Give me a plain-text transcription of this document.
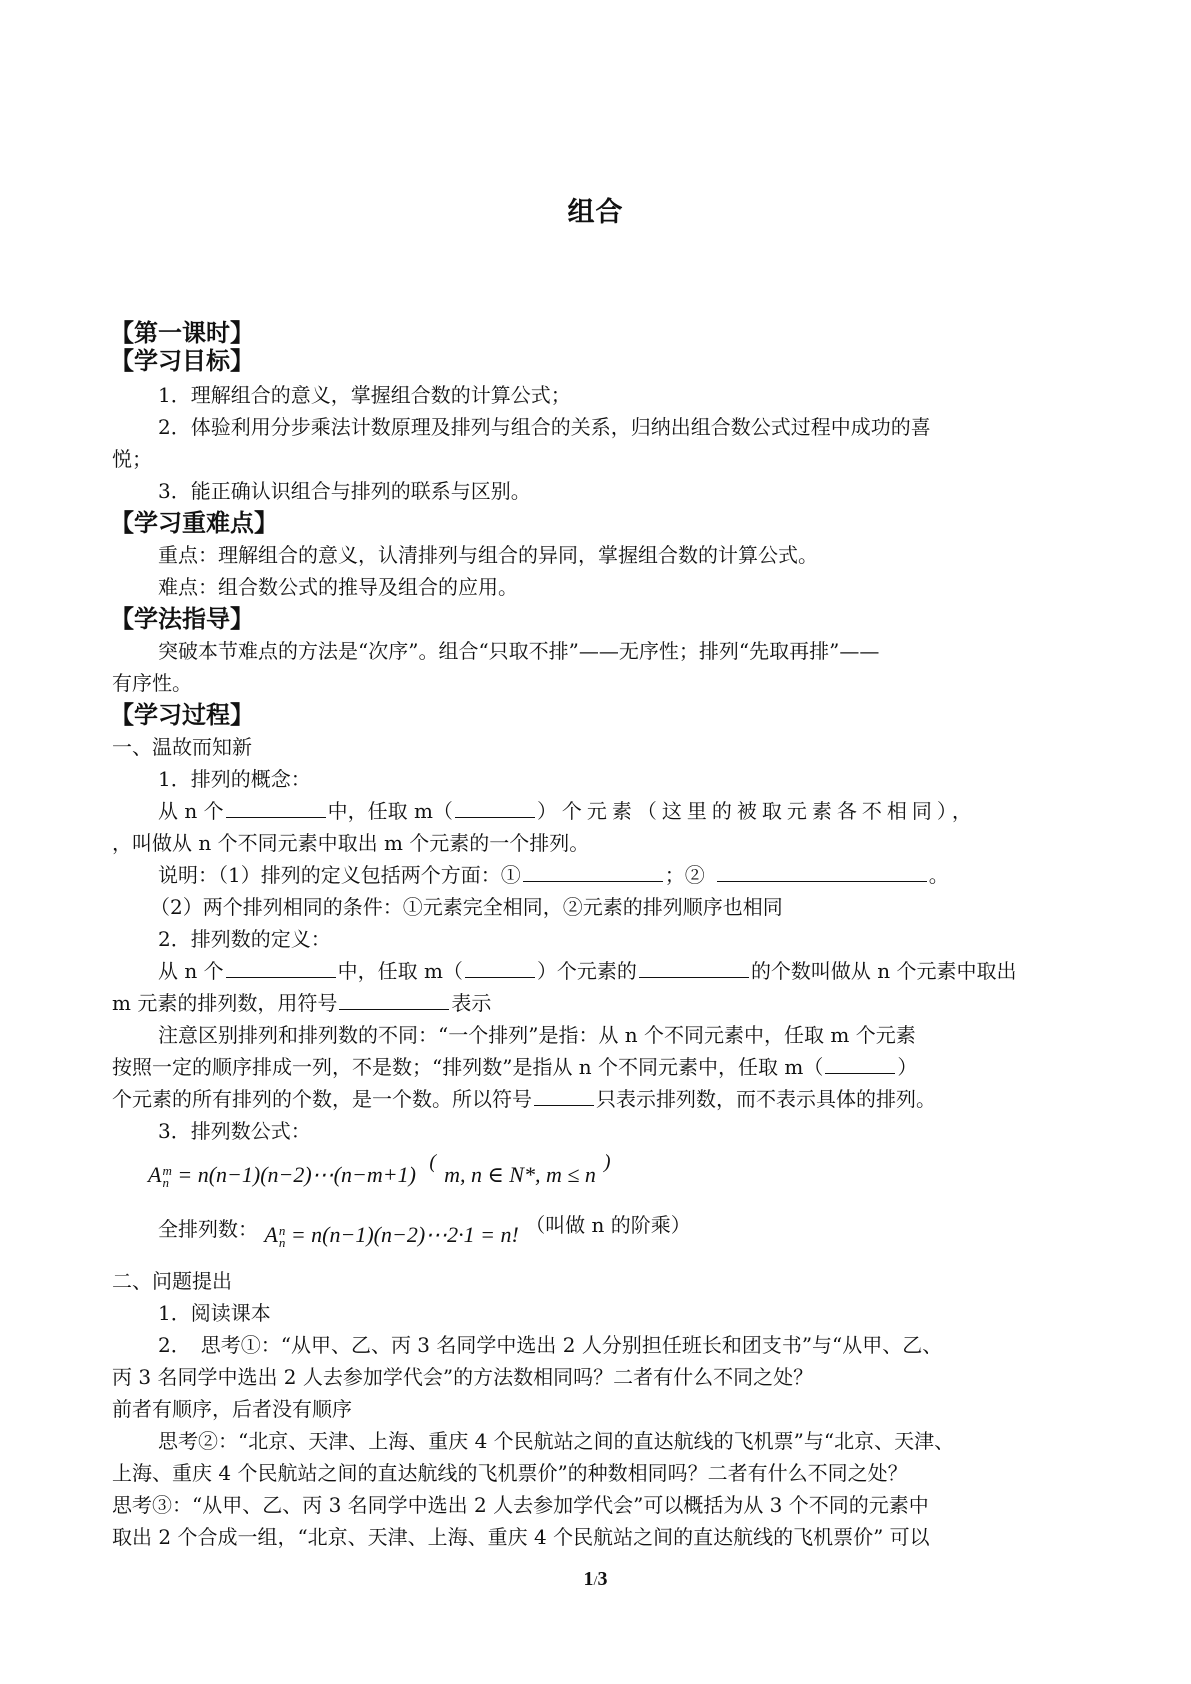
组合
【第一课时】
【学习目标】
1．理解组合的意义，掌握组合数的计算公式；
2．体验利用分步乘法计数原理及排列与组合的关系，归纳出组合数公式过程中成功的喜
悦；
3．能正确认识组合与排列的联系与区别。
【学习重难点】
重点：理解组合的意义，认清排列与组合的异同，掌握组合数的计算公式。
难点：组合数公式的推导及组合的应用。
【学法指导】
突破本节难点的方法是“次序”。组合“只取不排”——无序性；排列“先取再排”——
有序性。
【学习过程】
一、温故而知新
1．排列的概念：
从 n 个	中，任取 m（	）个元素（这里的被取元素各不相同），
，叫做从 n 个不同元素中取出 m 个元素的一个排列。
说明：（1）排列的定义包括两个方面：①	；②	。
（2）两个排列相同的条件：①元素完全相同，②元素的排列顺序也相同
2．排列数的定义：
从 n 个	中，任取 m（	）个元素的	的个数叫做从 n 个元素中取出
m 元素的排列数，用符号	表示
注意区别排列和排列数的不同：“一个排列”是指：从 n 个不同元素中，任取 m 个元素
按照一定的顺序排成一列，不是数；“排列数”是指从 n 个不同元素中，任取 m（	）
个元素的所有排列的个数，是一个数。所以符号	只表示排列数，而不表示具体的排列。
3．排列数公式：
A m
n = n(n−1)(n−2)⋯(n−m+1) ( m, n ∈ N*, m ≤ n )
全排列数： A n
n = n(n−1)(n−2)⋯2·1 = n! （叫做 n 的阶乘）
二、问题提出
1．阅读课本
2．　思考①：“从甲、乙、丙 3 名同学中选出 2 人分别担任班长和团支书”与“从甲、乙、
丙 3 名同学中选出 2 人去参加学代会”的方法数相同吗？二者有什么不同之处？
前者有顺序，后者没有顺序
思考②：“北京、天津、上海、重庆 4 个民航站之间的直达航线的飞机票”与“北京、天津、
上海、重庆 4 个民航站之间的直达航线的飞机票价”的种数相同吗？二者有什么不同之处？
思考③：“从甲、乙、丙 3 名同学中选出 2 人去参加学代会”可以概括为从 3 个不同的元素中
取出 2 个合成一组，“北京、天津、上海、重庆 4 个民航站之间的直达航线的飞机票价” 可以
1/3
